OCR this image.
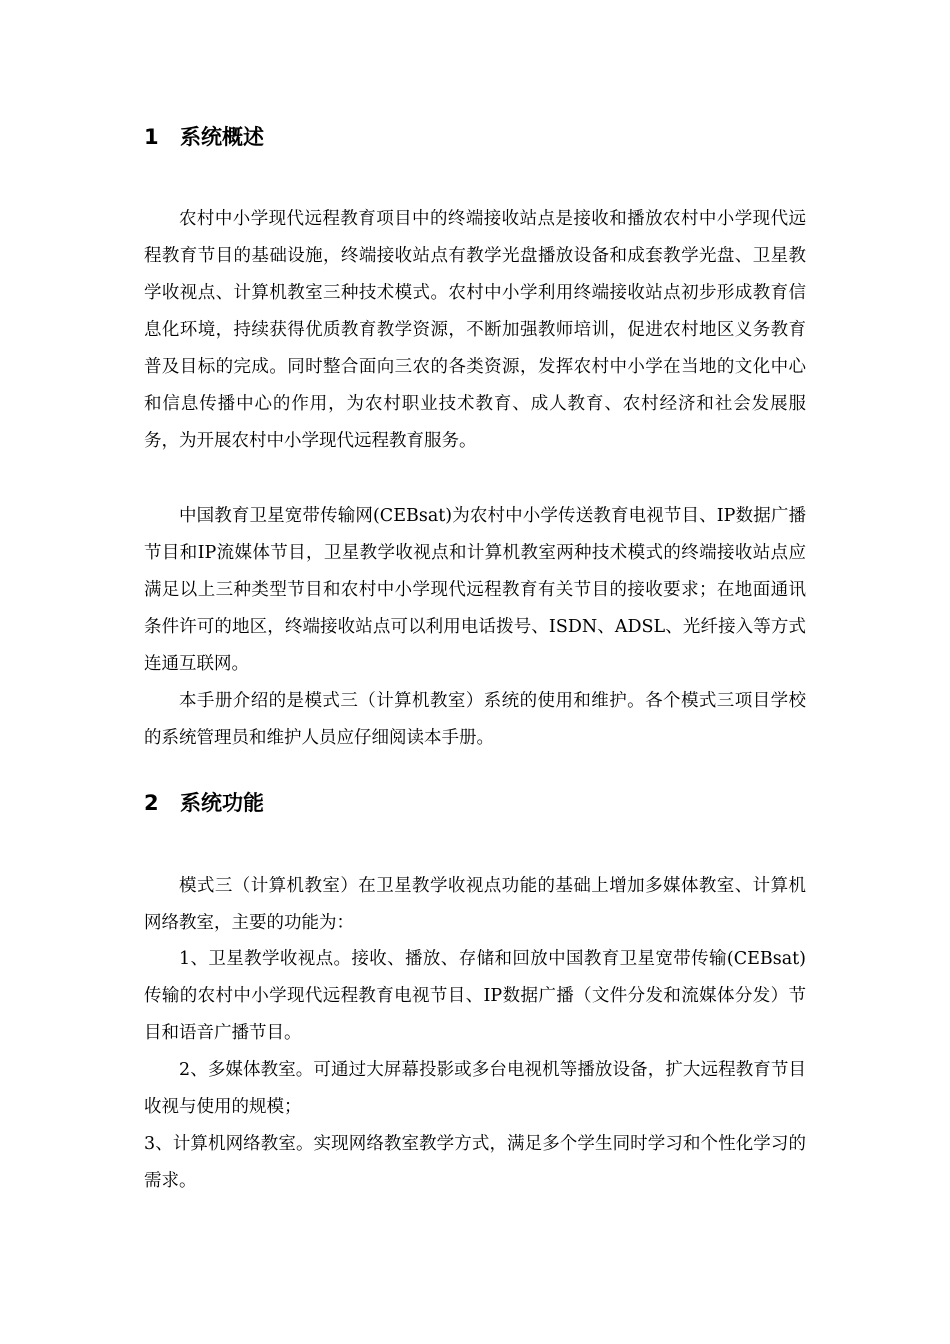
1 系统概述

农村中小学现代远程教育项目中的终端接收站点是接收和播放农村中小学现代远程教育节目的基础设施，终端接收站点有教学光盘播放设备和成套教学光盘、卫星教学收视点、计算机教室三种技术模式。农村中小学利用终端接收站点初步形成教育信息化环境，持续获得优质教育教学资源，不断加强教师培训，促进农村地区义务教育普及目标的完成。同时整合面向三农的各类资源，发挥农村中小学在当地的文化中心和信息传播中心的作用，为农村职业技术教育、成人教育、农村经济和社会发展服务，为开展农村中小学现代远程教育服务。

中国教育卫星宽带传输网(CEBsat)为农村中小学传送教育电视节目、IP数据广播节目和IP流媒体节目，卫星教学收视点和计算机教室两种技术模式的终端接收站点应满足以上三种类型节目和农村中小学现代远程教育有关节目的接收要求；在地面通讯条件许可的地区，终端接收站点可以利用电话拨号、ISDN、ADSL、光纤接入等方式连通互联网。

本手册介绍的是模式三（计算机教室）系统的使用和维护。各个模式三项目学校的系统管理员和维护人员应仔细阅读本手册。

2 系统功能

模式三（计算机教室）在卫星教学收视点功能的基础上增加多媒体教室、计算机网络教室，主要的功能为：

1、卫星教学收视点。接收、播放、存储和回放中国教育卫星宽带传输(CEBsat)传输的农村中小学现代远程教育电视节目、IP数据广播（文件分发和流媒体分发）节目和语音广播节目。

2、多媒体教室。可通过大屏幕投影或多台电视机等播放设备，扩大远程教育节目收视与使用的规模；

3、计算机网络教室。实现网络教室教学方式，满足多个学生同时学习和个性化学习的需求。
